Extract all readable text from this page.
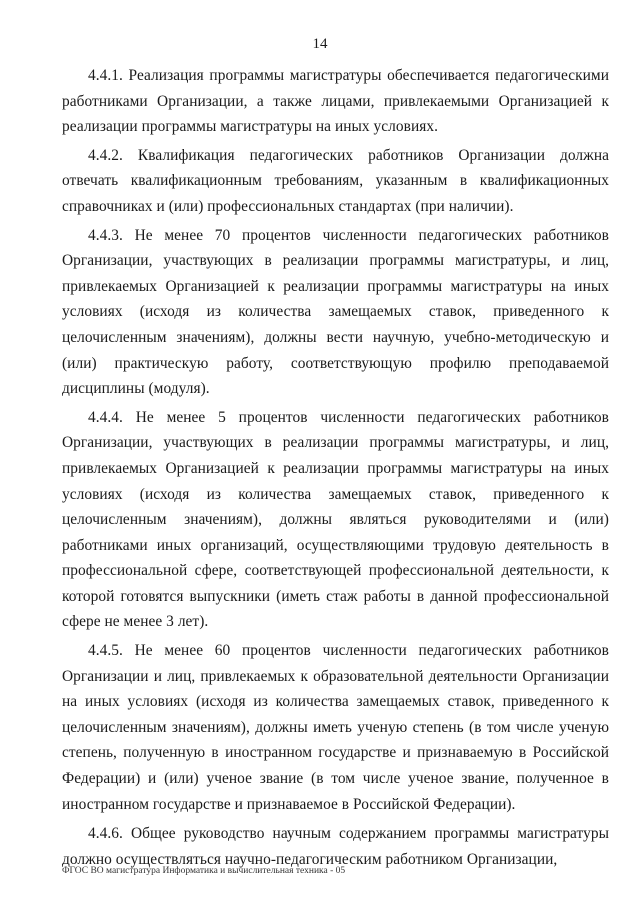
14

4.4.1. Реализация программы магистратуры обеспечивается педагогическими работниками Организации, а также лицами, привлекаемыми Организацией к реализации программы магистратуры на иных условиях.

4.4.2. Квалификация педагогических работников Организации должна отвечать квалификационным требованиям, указанным в квалификационных справочниках и (или) профессиональных стандартах (при наличии).

4.4.3. Не менее 70 процентов численности педагогических работников Организации, участвующих в реализации программы магистратуры, и лиц, привлекаемых Организацией к реализации программы магистратуры на иных условиях (исходя из количества замещаемых ставок, приведенного к целочисленным значениям), должны вести научную, учебно-методическую и (или) практическую работу, соответствующую профилю преподаваемой дисциплины (модуля).

4.4.4. Не менее 5 процентов численности педагогических работников Организации, участвующих в реализации программы магистратуры, и лиц, привлекаемых Организацией к реализации программы магистратуры на иных условиях (исходя из количества замещаемых ставок, приведенного к целочисленным значениям), должны являться руководителями и (или) работниками иных организаций, осуществляющими трудовую деятельность в профессиональной сфере, соответствующей профессиональной деятельности, к которой готовятся выпускники (иметь стаж работы в данной профессиональной сфере не менее 3 лет).

4.4.5. Не менее 60 процентов численности педагогических работников Организации и лиц, привлекаемых к образовательной деятельности Организации на иных условиях (исходя из количества замещаемых ставок, приведенного к целочисленным значениям), должны иметь ученую степень (в том числе ученую степень, полученную в иностранном государстве и признаваемую в Российской Федерации) и (или) ученое звание (в том числе ученое звание, полученное в иностранном государстве и признаваемое в Российской Федерации).

4.4.6. Общее руководство научным содержанием программы магистратуры должно осуществляться научно-педагогическим работником Организации,

ФГОС ВО магистратура Информатика и вычислительная техника - 05
